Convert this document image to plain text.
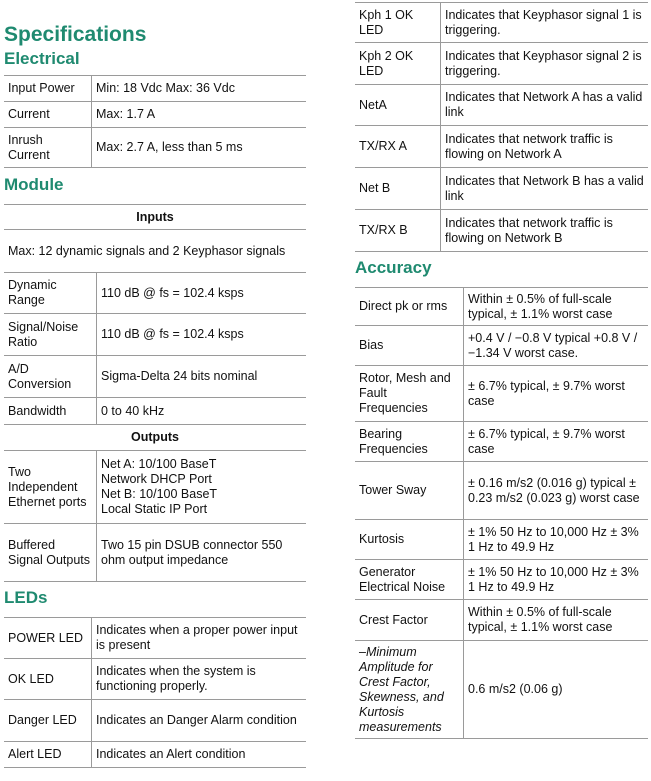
Specifications
Electrical
Input Power	Min: 18 Vdc Max: 36 Vdc
Current	Max: 1.7 A
Inrush Current	Max: 2.7 A, less than 5 ms
Module
Inputs	
Max: 12 dynamic signals and 2 Keyphasor signals	
Dynamic Range	110 dB @ fs = 102.4 ksps
Signal/Noise Ratio	110 dB @ fs = 102.4 ksps
A/D Conversion	Sigma-Delta 24 bits nominal
Bandwidth	0 to 40 kHz
Outputs	
Two Independent Ethernet ports	Net A: 10/100 BaseT
Network DHCP Port
Net B: 10/100 BaseT
Local Static IP Port

Buffered Signal Outputs	Two 15 pin DSUB connector 550 ohm output impedance
LEDs
POWER LED	Indicates when a proper power input is present
OK LED	Indicates when the system is functioning properly.
Danger LED	Indicates an Danger Alarm condition
Alert LED	Indicates an Alert condition
Kph 1 OK LED	Indicates that Keyphasor signal 1 is triggering.
Kph 2 OK LED	Indicates that Keyphasor signal 2 is triggering.
NetA	Indicates that Network A has a valid link
TX/RX A	Indicates that network traffic is flowing on Network A
Net B	Indicates that Network B has a valid link
TX/RX B	Indicates that network traffic is flowing on Network B
Accuracy
Direct pk or rms	Within ± 0.5% of full-scale typical, ± 1.1% worst case
Bias	+0.4 V / −0.8 V typical +0.8 V / −1.34 V worst case.
Rotor, Mesh and Fault Frequencies	± 6.7% typical, ± 9.7% worst case
Bearing Frequencies	± 6.7% typical, ± 9.7% worst case
Tower Sway	± 0.16 m/s2 (0.016 g) typical ± 0.23 m/s2 (0.023 g) worst case
Kurtosis	± 1% 50 Hz to 10,000 Hz ± 3% 1 Hz to 49.9 Hz
Generator Electrical Noise	± 1% 50 Hz to 10,000 Hz ± 3% 1 Hz to 49.9 Hz
Crest Factor	Within ± 0.5% of full-scale typical, ± 1.1% worst case
–Minimum Amplitude for Crest Factor, Skewness, and Kurtosis measurements	0.6 m/s2 (0.06 g)
